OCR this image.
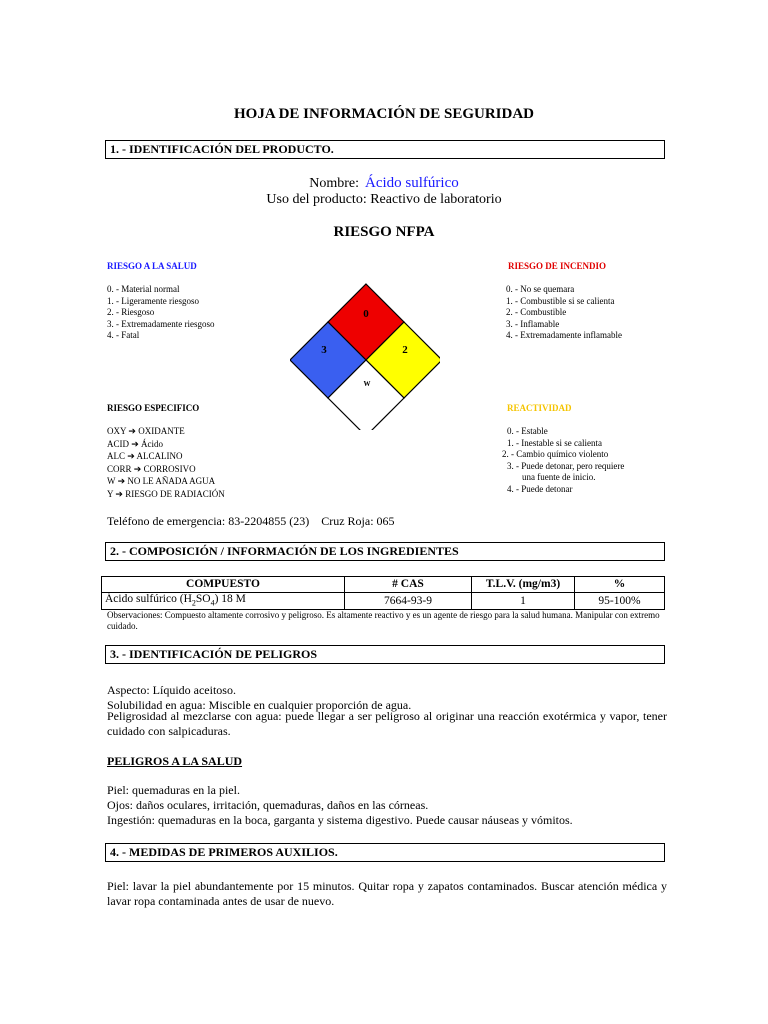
HOJA DE INFORMACIÓN DE SEGURIDAD
1. - IDENTIFICACIÓN DEL PRODUCTO.
Nombre: Ácido sulfúrico
Uso del producto: Reactivo de laboratorio
RIESGO NFPA
RIESGO A LA SALUD
0. - Material normal
1. - Ligeramente riesgoso
2. - Riesgoso
3. - Extremadamente riesgoso
4. - Fatal
RIESGO DE INCENDIO
0. - No se quemara
1. - Combustible si se calienta
2. - Combustible
3. - Inflamable
4. - Extremadamente inflamable
0
3	2
W
RIESGO ESPECIFICO
OXY ➔ OXIDANTE
ACID ➔ Ácido
ALC ➔ ALCALINO
CORR ➔ CORROSIVO
W ➔ NO LE AÑADA AGUA
Y ➔ RIESGO DE RADIACIÓN
REACTIVIDAD
0. - Estable
1. - Inestable si se calienta
2. - Cambio químico violento
3. - Puede detonar, pero requiere
una fuente de inicio.
4. - Puede detonar
Teléfono de emergencia: 83-2204855 (23)    Cruz Roja: 065
2. - COMPOSICIÓN / INFORMACIÓN DE LOS INGREDIENTES
COMPUESTO	# CAS	T.L.V. (mg/m3)	%
Ácido sulfúrico $(H_2SO_4)$ 18 M	7664-93-9	1	95-100%
Observaciones: Compuesto altamente corrosivo y peligroso. Es altamente reactivo y es un agente de riesgo para la salud humana. Manipular con extremo cuidado.
3. - IDENTIFICACIÓN DE PELIGROS
Aspecto: Líquido aceitoso.
Solubilidad en agua: Miscible en cualquier proporción de agua.
Peligrosidad al mezclarse con agua: puede llegar a ser peligroso al originar una reacción exotérmica y vapor, tener cuidado con salpicaduras.
PELIGROS A LA SALUD
Piel: quemaduras en la piel.
Ojos: daños oculares, irritación, quemaduras, daños en las córneas.
Ingestión: quemaduras en la boca, garganta y sistema digestivo. Puede causar náuseas y vómitos.
4. - MEDIDAS DE PRIMEROS AUXILIOS.
Piel: lavar la piel abundantemente por 15 minutos. Quitar ropa y zapatos contaminados. Buscar atención médica y lavar ropa contaminada antes de usar de nuevo.
